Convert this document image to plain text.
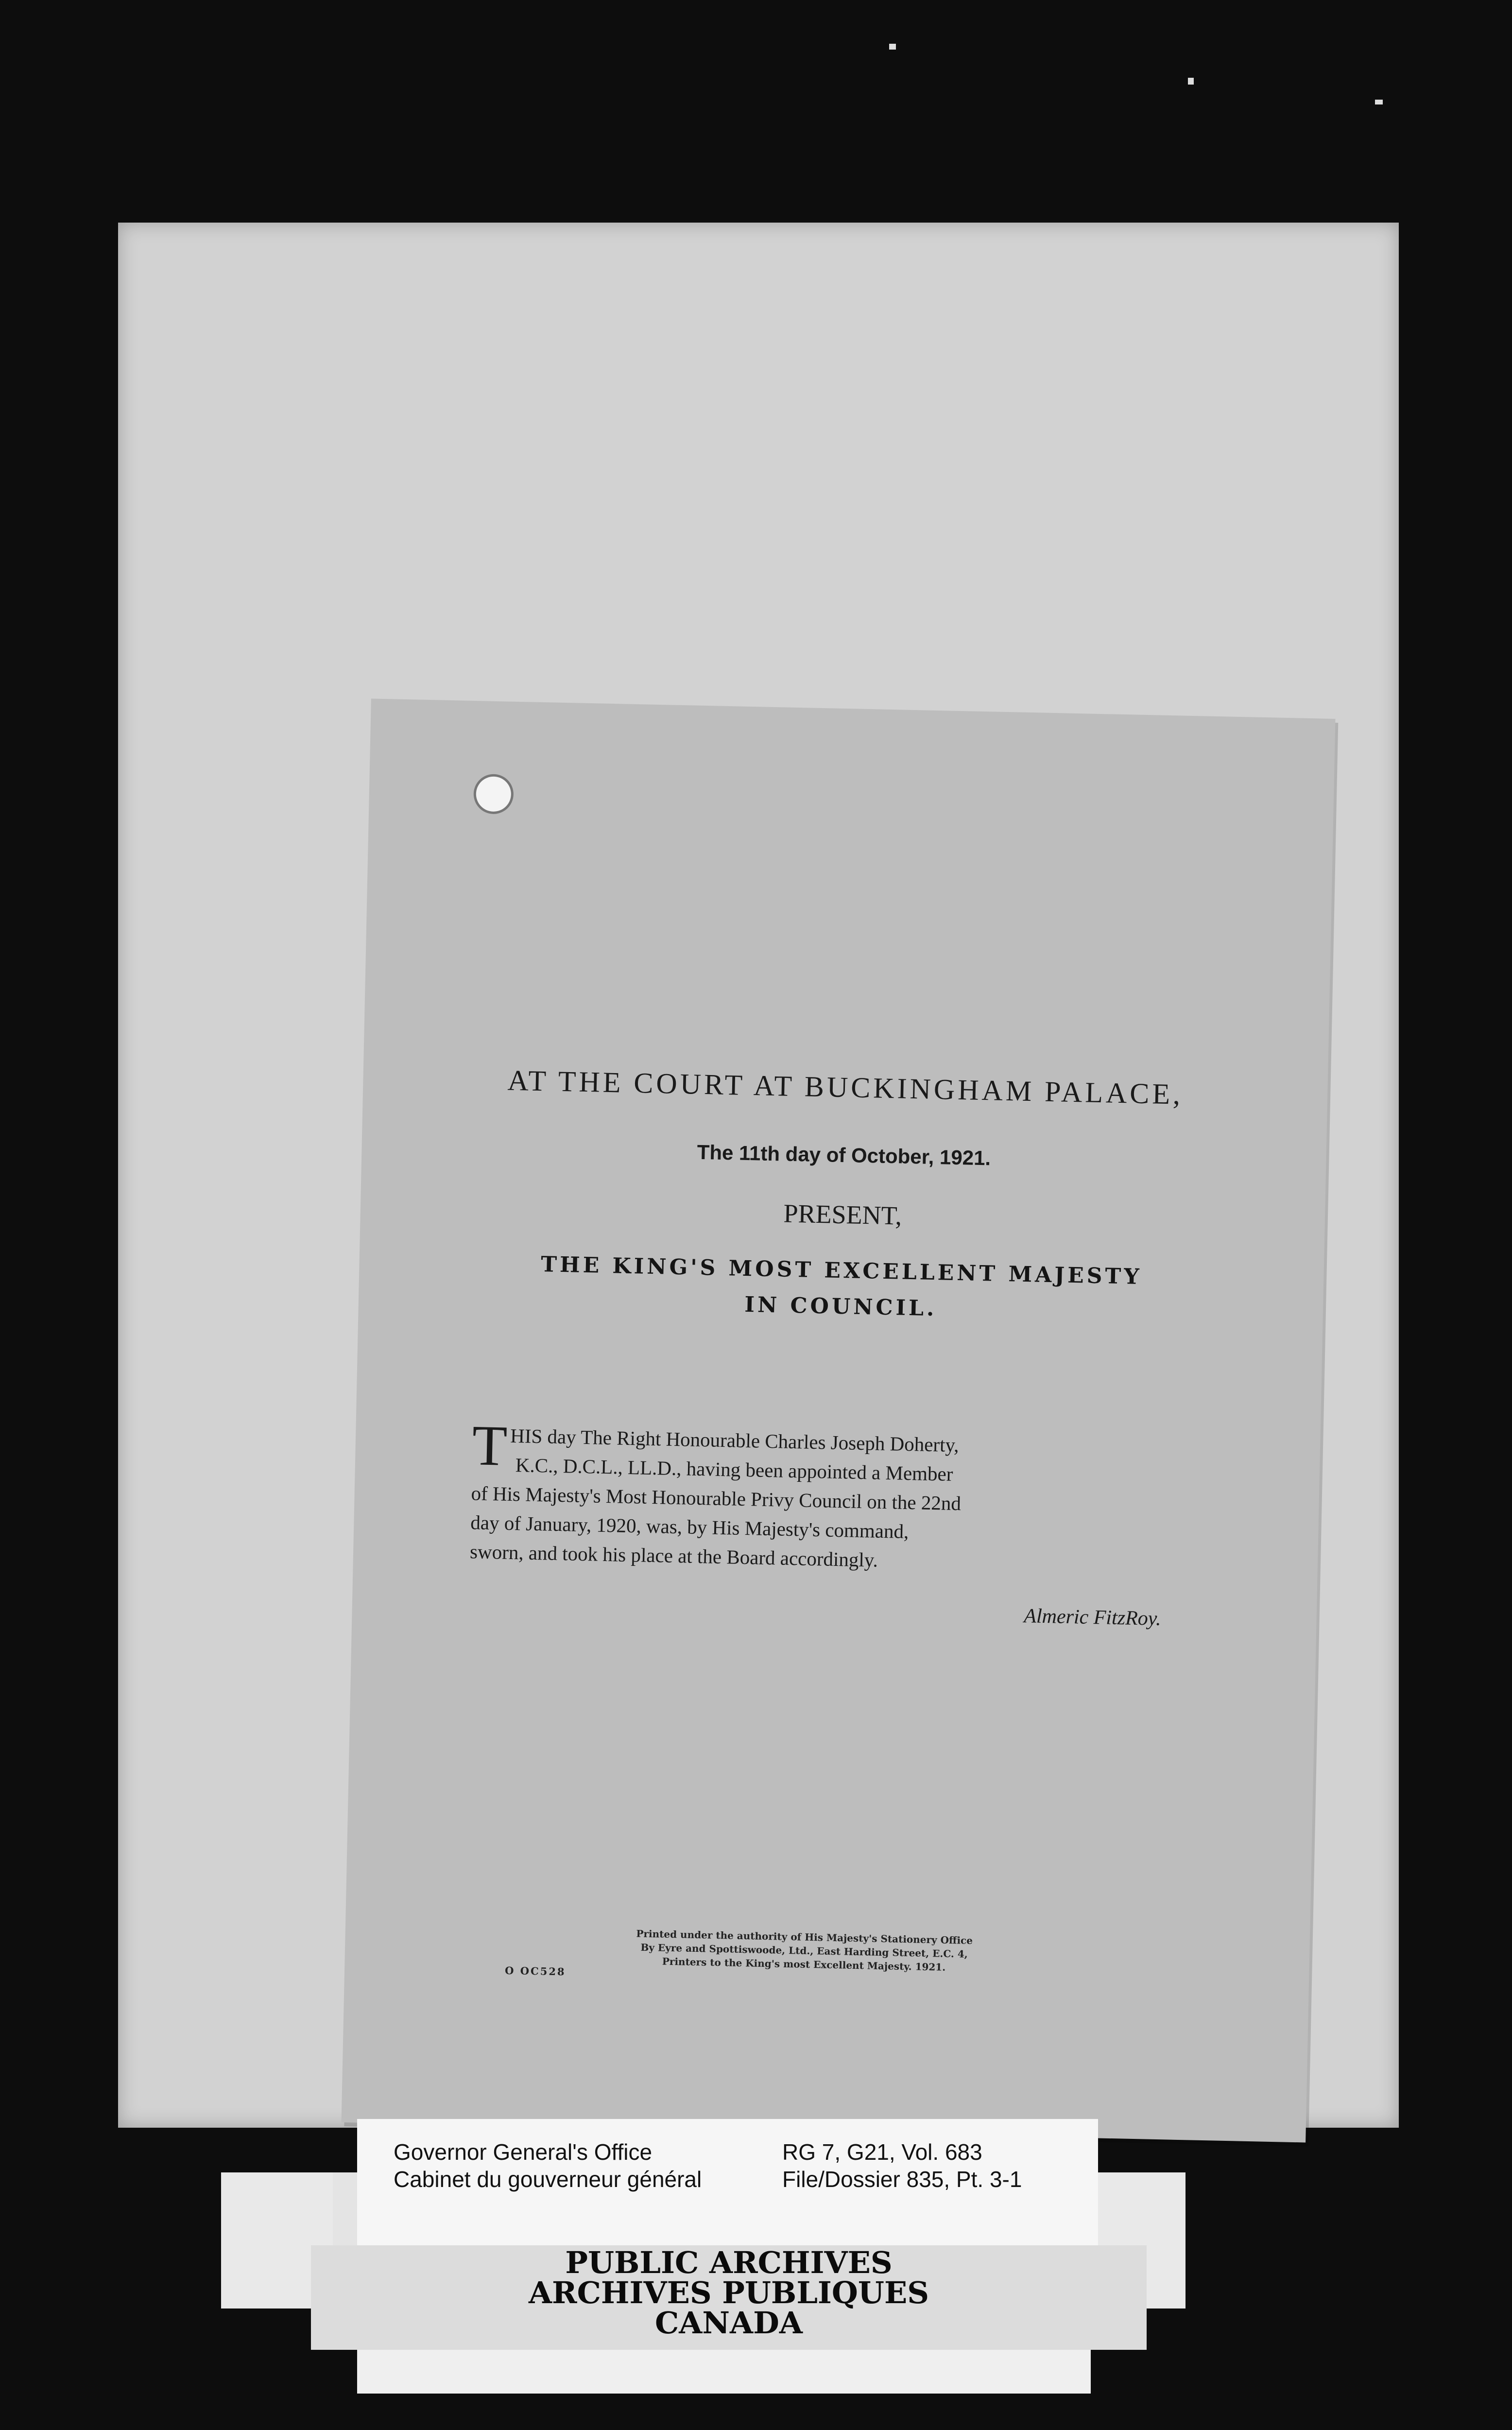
AT THE COURT AT BUCKINGHAM PALACE,
The 11th day of October, 1921.
PRESENT,
THE KING'S MOST EXCELLENT MAJESTY
IN COUNCIL.
T HIS day The Right Honourable Charles Joseph Doherty,
K.C., D.C.L., LL.D., having been appointed a Member
of His Majesty's Most Honourable Privy Council on the 22nd
day of January, 1920, was, by His Majesty's command,
sworn, and took his place at the Board accordingly.
Almeric FitzRoy.
Printed under the authority of His Majesty's Stationery Office
By Eyre and Spottiswoode, Ltd., East Harding Street, E.C. 4,
Printers to the King's most Excellent Majesty. 1921.
O OC528
Governor General's Office
Cabinet du gouverneur général
RG 7, G21, Vol. 683
File/Dossier 835, Pt. 3-1
PUBLIC ARCHIVES
ARCHIVES PUBLIQUES
CANADA
